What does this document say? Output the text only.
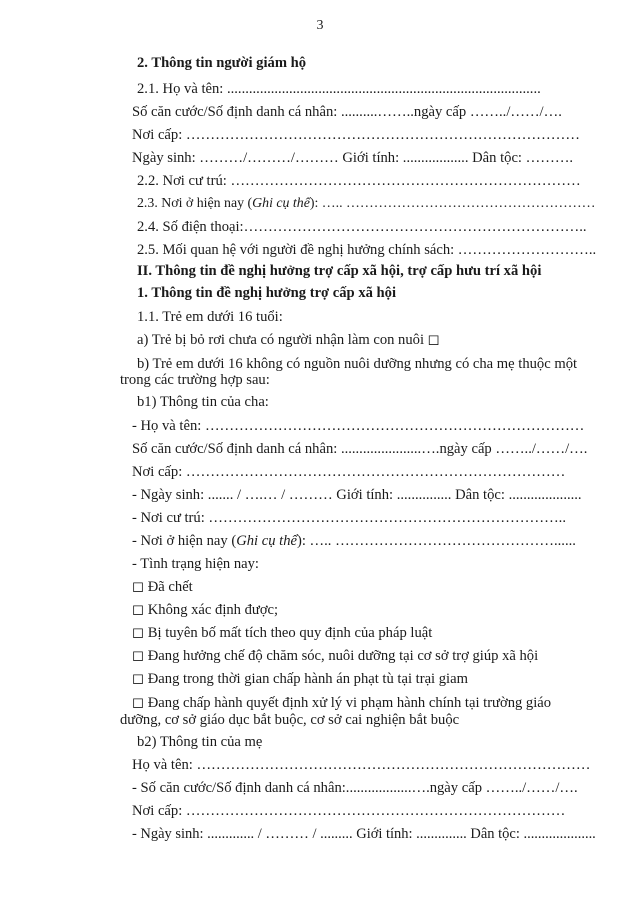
3
2. Thông tin người giám hộ
2.1. Họ và tên: ......................................................................................
Số căn cước/Số định danh cá nhân: ..........……..ngày cấp ……../……/….
Nơi cấp: ………………………………………………………………………
Ngày sinh: ………/………/……… Giới tính: .................. Dân tộc: ……….
2.2. Nơi cư trú: ………………………………………………………………
2.3. Nơi ở hiện nay (Ghi cụ thể): ….. ………………………………………………
2.4. Số điện thoại:……………………………………………………………..
2.5. Mối quan hệ với người đề nghị hưởng chính sách: ………………………..
II. Thông tin đề nghị hưởng trợ cấp xã hội, trợ cấp hưu trí xã hội
1. Thông tin đề nghị hưởng trợ cấp xã hội
1.1. Trẻ em dưới 16 tuổi:
a) Trẻ bị bỏ rơi chưa có người nhận làm con nuôi ◻
b) Trẻ em dưới 16 không có nguồn nuôi dưỡng nhưng có cha mẹ thuộc một
trong các trường hợp sau:
b1) Thông tin của cha:
- Họ và tên: ……………………………………………………………………
Số căn cước/Số định danh cá nhân: ......................….ngày cấp ……../……/….
Nơi cấp: ……………………………………………………………………
- Ngày sinh: ....... / ….… / ……… Giới tính: ............... Dân tộc: ....................
- Nơi cư trú: ………………………………………………………………..
- Nơi ở hiện nay (Ghi cụ thể): ….. ………………………………………......
- Tình trạng hiện nay:
◻ Đã chết
◻ Không xác định được;
◻ Bị tuyên bố mất tích theo quy định của pháp luật
◻ Đang hưởng chế độ chăm sóc, nuôi dưỡng tại cơ sở trợ giúp xã hội
◻ Đang trong thời gian chấp hành án phạt tù tại trại giam
◻ Đang chấp hành quyết định xử lý vi phạm hành chính tại trường giáo
dưỡng, cơ sở giáo dục bắt buộc, cơ sở cai nghiện bắt buộc
b2) Thông tin của mẹ
Họ và tên: ………………………………………………………………………
- Số căn cước/Số định danh cá nhân:..................….ngày cấp ……../……/….
Nơi cấp: ……………………………………………………………………
- Ngày sinh: ............. / ……… / ......... Giới tính: .............. Dân tộc: ....................
